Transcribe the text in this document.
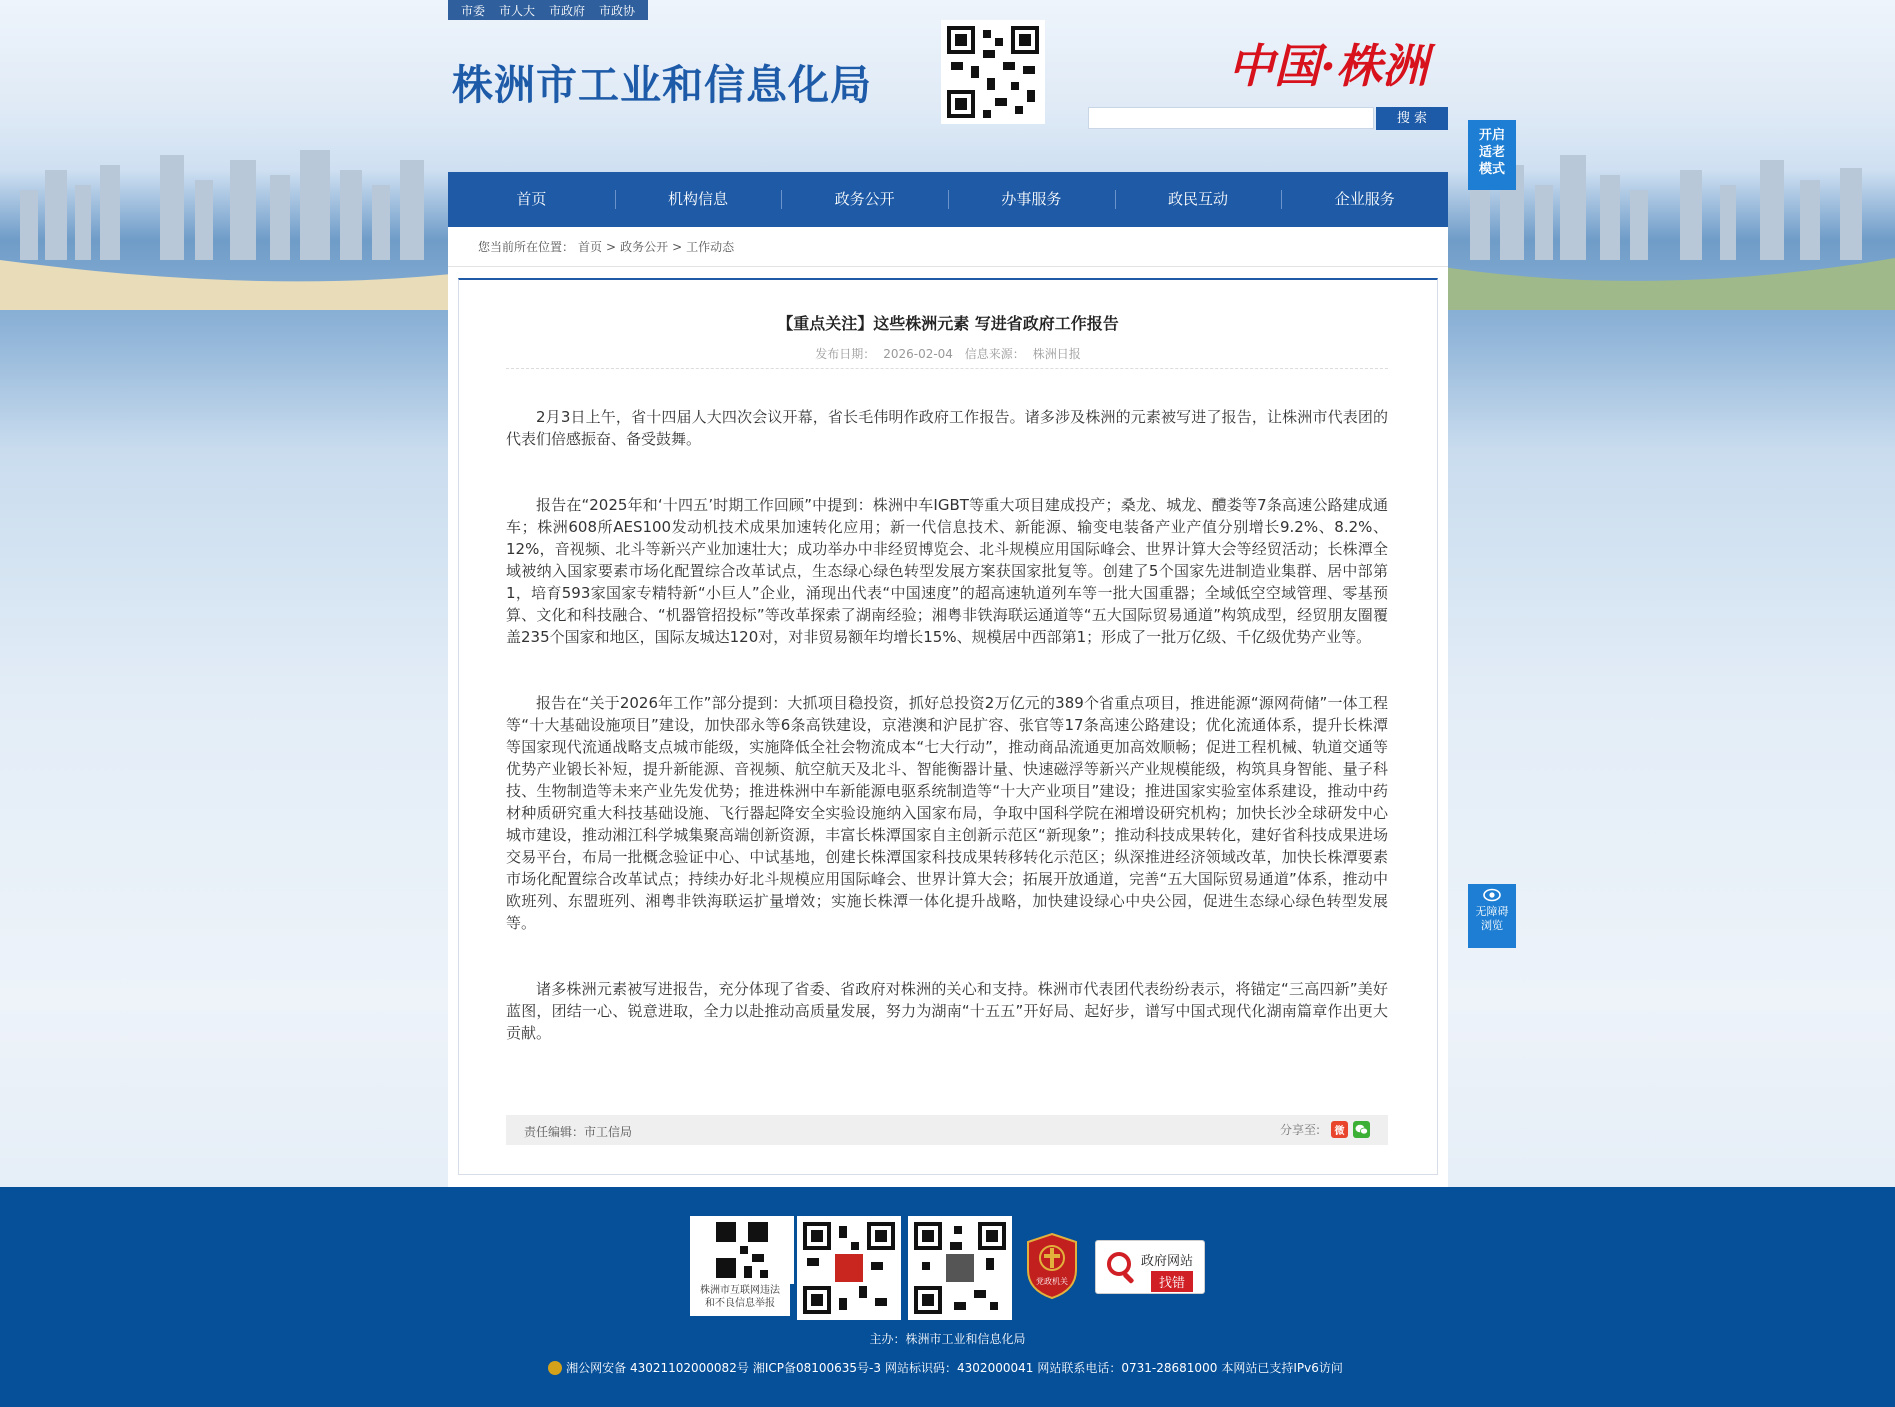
市委 市人大 市政府 市政协
株洲市工业和信息化局	中国·株洲
搜 索
开启
适老
模式
首页	机构信息	政务公开	办事服务	政民互动	企业服务
您当前所在位置： 首页 > 政务公开 > 工作动态
【重点关注】这些株洲元素 写进省政府工作报告
发布日期： 2026-02-04 信息来源： 株洲日报

2月3日上午，省十四届人大四次会议开幕，省长毛伟明作政府工作报告。诸多涉及株洲的元素被写进了报告，让株洲市代表团的代表们倍感振奋、备受鼓舞。

报告在“2025年和‘十四五’时期工作回顾”中提到：株洲中车IGBT等重大项目建成投产；桑龙、城龙、醴娄等7条高速公路建成通车；株洲608所AES100发动机技术成果加速转化应用；新一代信息技术、新能源、输变电装备产业产值分别增长9.2%、8.2%、12%，音视频、北斗等新兴产业加速壮大；成功举办中非经贸博览会、北斗规模应用国际峰会、世界计算大会等经贸活动；长株潭全域被纳入国家要素市场化配置综合改革试点，生态绿心绿色转型发展方案获国家批复等。创建了5个国家先进制造业集群、居中部第1，培育593家国家专精特新“小巨人”企业，涌现出代表“中国速度”的超高速轨道列车等一批大国重器；全域低空空域管理、零基预算、文化和科技融合、“机器管招投标”等改革探索了湖南经验；湘粤非铁海联运通道等“五大国际贸易通道”构筑成型，经贸朋友圈覆盖235个国家和地区，国际友城达120对，对非贸易额年均增长15%、规模居中西部第1；形成了一批万亿级、千亿级优势产业等。

报告在“关于2026年工作”部分提到：大抓项目稳投资，抓好总投资2万亿元的389个省重点项目，推进能源“源网荷储”一体工程等“十大基础设施项目”建设，加快邵永等6条高铁建设，京港澳和沪昆扩容、张官等17条高速公路建设；优化流通体系，提升长株潭等国家现代流通战略支点城市能级，实施降低全社会物流成本“七大行动”，推动商品流通更加高效顺畅；促进工程机械、轨道交通等优势产业锻长补短，提升新能源、音视频、航空航天及北斗、智能衡器计量、快速磁浮等新兴产业规模能级，构筑具身智能、量子科技、生物制造等未来产业先发优势；推进株洲中车新能源电驱系统制造等“十大产业项目”建设；推进国家实验室体系建设，推动中药材种质研究重大科技基础设施、飞行器起降安全实验设施纳入国家布局，争取中国科学院在湘增设研究机构；加快长沙全球研发中心城市建设，推动湘江科学城集聚高端创新资源，丰富长株潭国家自主创新示范区“新现象”；推动科技成果转化，建好省科技成果进场交易平台，布局一批概念验证中心、中试基地，创建长株潭国家科技成果转移转化示范区；纵深推进经济领域改革，加快长株潭要素市场化配置综合改革试点；持续办好北斗规模应用国际峰会、世界计算大会；拓展开放通道，完善“五大国际贸易通道”体系，推动中欧班列、东盟班列、湘粤非铁海联运扩量增效；实施长株潭一体化提升战略，加快建设绿心中央公园，促进生态绿心绿色转型发展等。

诸多株洲元素被写进报告，充分体现了省委、省政府对株洲的关心和支持。株洲市代表团代表纷纷表示，将锚定“三高四新”美好蓝图，团结一心、锐意进取，全力以赴推动高质量发展，努力为湖南“十五五”开好局、起好步，谱写中国式现代化湖南篇章作出更大贡献。

责任编辑：市工信局	分享至:	微
无障碍
浏览
株洲市互联网违法
和不良信息举报
党政机关
政府网站
找错
主办：株洲市工业和信息化局
湘公网安备 43021102000082号 湘ICP备08100635号-3 网站标识码：4302000041 网站联系电话：0731-28681000 本网站已支持IPv6访问
